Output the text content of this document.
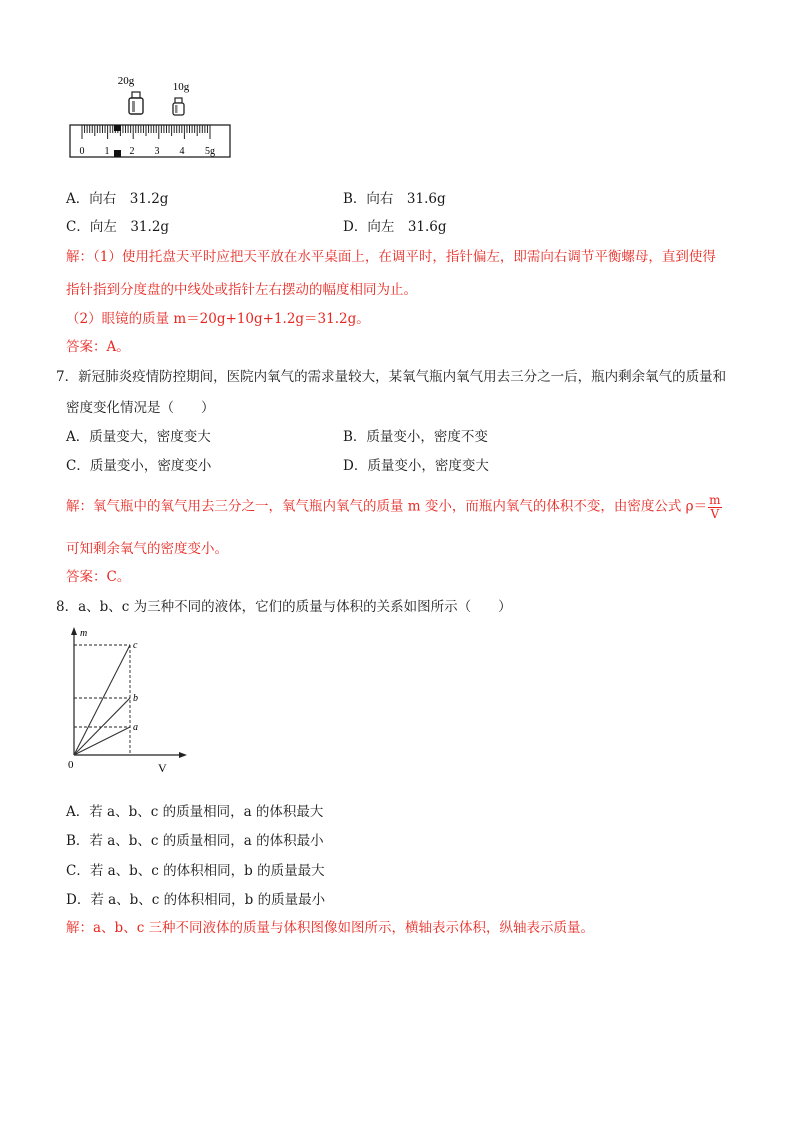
20g	10g
0 1 2 3 4 5g
A．向右　 31.2g	B．向右　 31.6g
C．向左　 31.2g	D．向左　 31.6g
解：（1）使用托盘天平时应把天平放在水平桌面上，在调平时，指针偏左，即需向右调节平衡螺母，直到使得
指针指到分度盘的中线处或指针左右摆动的幅度相同为止。
（2）眼镜的质量 m＝20g+10g+1.2g＝31.2g。
答案：A。
7．新冠肺炎疫情防控期间，医院内氧气的需求量较大，某氧气瓶内氧气用去三分之一后，瓶内剩余氧气的质量和
密度变化情况是（　　）
A．质量变大，密度变大	B．质量变小，密度不变
C．质量变小，密度变小	D．质量变小，密度变大
解：氧气瓶中的氧气用去三分之一，氧气瓶内氧气的质量 m 变小，而瓶内氧气的体积不变，由密度公式 $\rho= \frac{m}{V}$
可知剩余氧气的密度变小。
答案：C。
8．a、b、c 为三种不同的液体，它们的质量与体积的关系如图所示（　　）
m
V
0
c
b
a
A．若 a、b、c 的质量相同，a 的体积最大
B．若 a、b、c 的质量相同，a 的体积最小
C．若 a、b、c 的体积相同，b 的质量最大
D．若 a、b、c 的体积相同，b 的质量最小
解：a、b、c 三种不同液体的质量与体积图像如图所示，横轴表示体积，纵轴表示质量。
